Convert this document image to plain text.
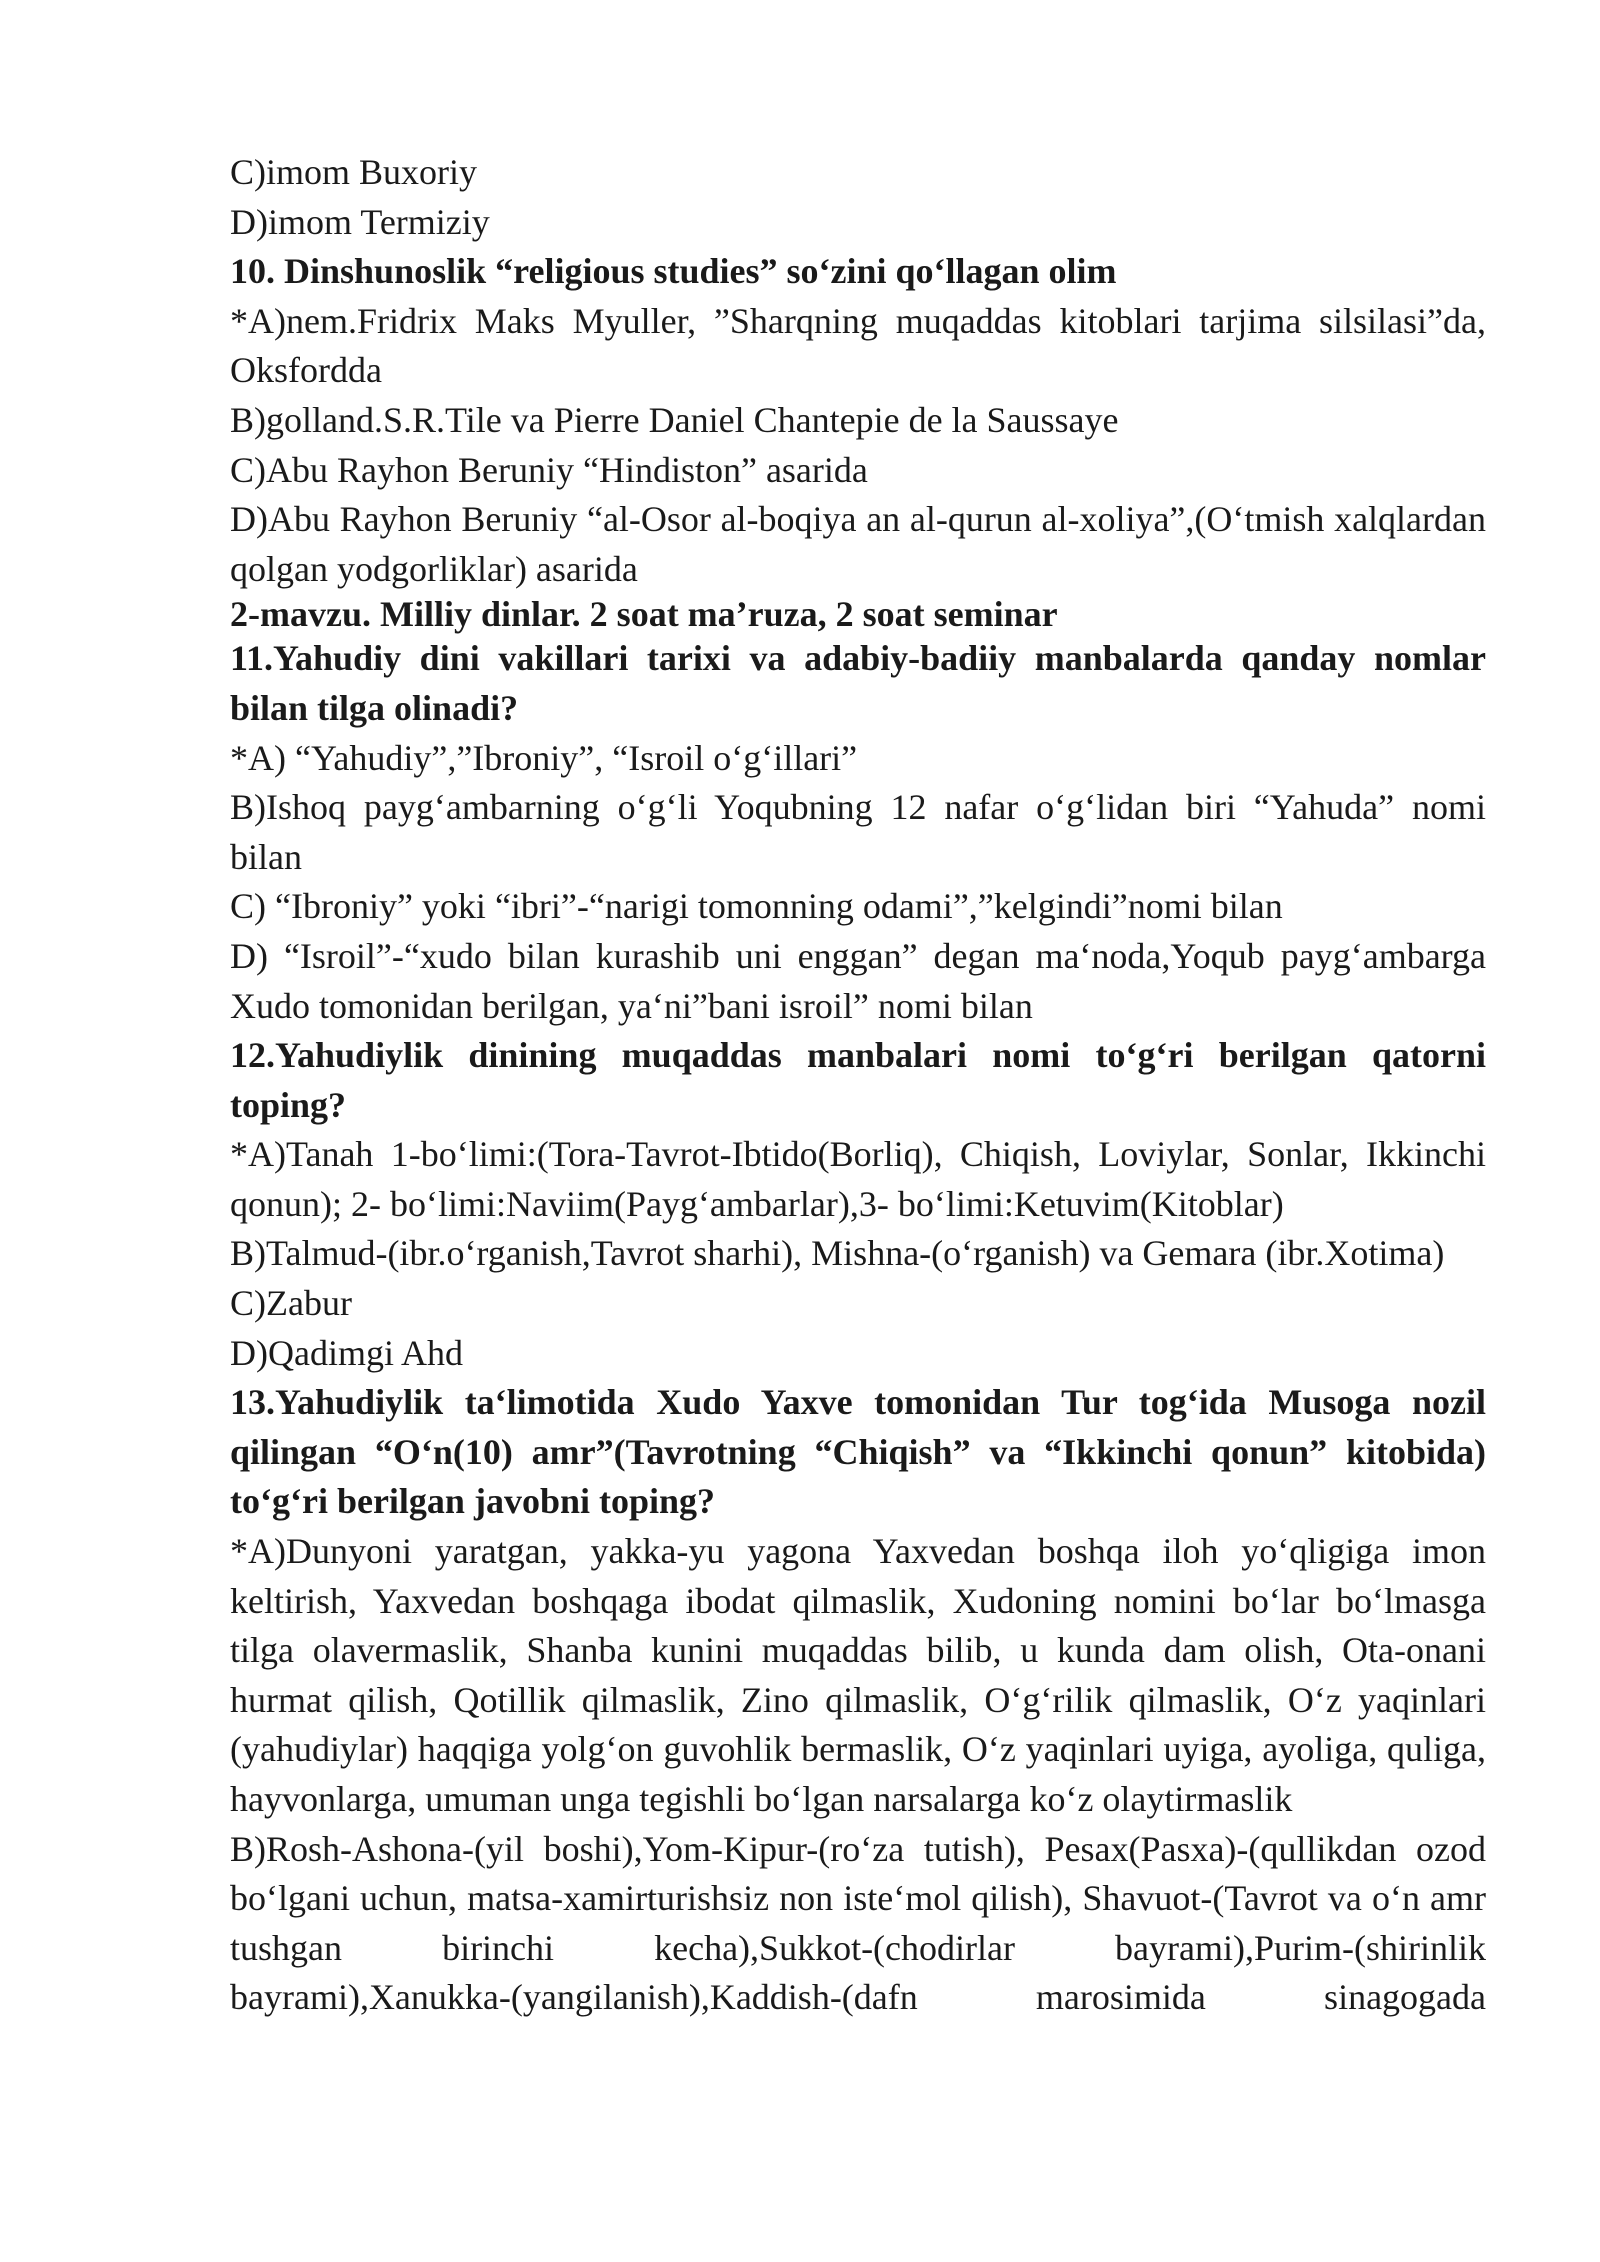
C)imom Buxoriy

D)imom Termiziy

10. Dinshunoslik “religious studies” so‘zini qo‘llagan olim

*A)nem.Fridrix Maks Myuller, ”Sharqning muqaddas kitoblari tarjima silsilasi”da, Oksfordda

B)golland.S.R.Tile va Pierre Daniel Chantepie de la Saussaye

C)Abu Rayhon Beruniy “Hindiston” asarida

D)Abu Rayhon Beruniy “al-Osor al-boqiya an al-qurun al-xoliya”,(O‘tmish xalqlardan qolgan yodgorliklar) asarida

2-mavzu. Milliy dinlar. 2 soat ma’ruza, 2 soat seminar

11.Yahudiy dini vakillari tarixi va adabiy-badiiy manbalarda qanday nomlar bilan tilga olinadi?

*A) “Yahudiy”,”Ibroniy”, “Isroil o‘g‘illari”

B)Ishoq payg‘ambarning o‘g‘li Yoqubning 12 nafar o‘g‘lidan biri “Yahuda” nomi bilan

C) “Ibroniy” yoki “ibri”-“narigi tomonning odami”,”kelgindi”nomi bilan

D) “Isroil”-“xudo bilan kurashib uni enggan” degan ma‘noda,Yoqub payg‘ambarga Xudo tomonidan berilgan, ya‘ni”bani isroil” nomi bilan

12.Yahudiylik dinining muqaddas manbalari nomi to‘g‘ri berilgan qatorni toping?

*A)Tanah 1-bo‘limi:(Tora-Tavrot-Ibtido(Borliq), Chiqish, Loviylar, Sonlar, Ikkinchi qonun); 2- bo‘limi:Naviim(Payg‘ambarlar),3- bo‘limi:Ketuvim(Kitoblar)

B)Talmud-(ibr.o‘rganish,Tavrot sharhi), Mishna-(o‘rganish) va Gemara (ibr.Xotima)

C)Zabur

D)Qadimgi Ahd

13.Yahudiylik ta‘limotida Xudo Yaxve tomonidan Tur tog‘ida Musoga nozil qilingan “O‘n(10) amr”(Tavrotning “Chiqish” va “Ikkinchi qonun” kitobida) to‘g‘ri berilgan javobni toping?

*A)Dunyoni yaratgan, yakka-yu yagona Yaxvedan boshqa iloh yo‘qligiga imon keltirish, Yaxvedan boshqaga ibodat qilmaslik, Xudoning nomini bo‘lar bo‘lmasga tilga olavermaslik, Shanba kunini muqaddas bilib, u kunda dam olish, Ota-onani hurmat qilish, Qotillik qilmaslik, Zino qilmaslik, O‘g‘rilik qilmaslik, O‘z yaqinlari (yahudiylar) haqqiga yolg‘on guvohlik bermaslik, O‘z yaqinlari uyiga, ayoliga, quliga, hayvonlarga, umuman unga tegishli bo‘lgan narsalarga ko‘z olaytirmaslik

B)Rosh-Ashona-(yil boshi),Yom-Kipur-(ro‘za tutish), Pesax(Pasxa)-(qullikdan ozod bo‘lgani uchun, matsa-xamirturishsiz non iste‘mol qilish), Shavuot-(Tavrot va o‘n amr tushgan birinchi kecha),Sukkot-(chodirlar bayrami),Purim-(shirinlik bayrami),Xanukka-(yangilanish),Kaddish-(dafn marosimida sinagogada
